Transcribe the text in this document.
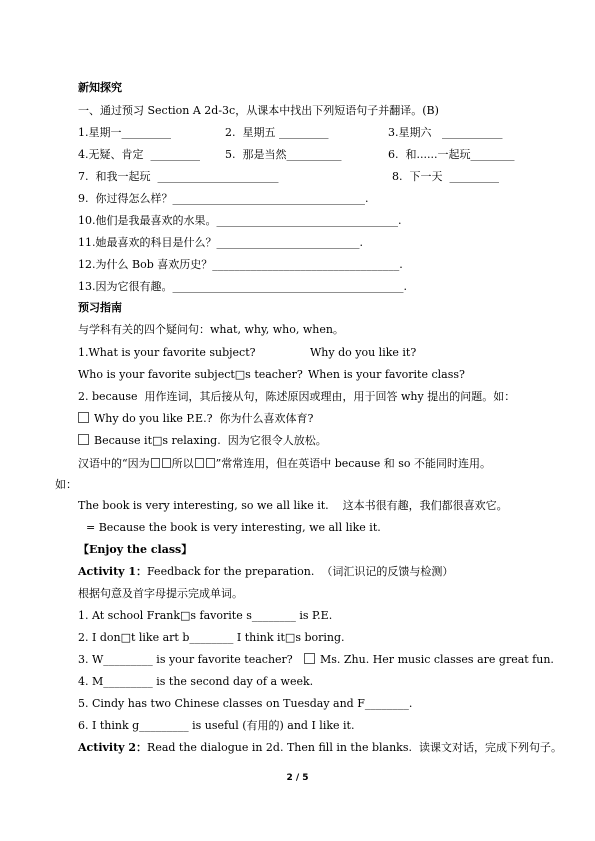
新知探究
一、通过预习 Section A 2d-3c，从课本中找出下列短语句子并翻译。(B)
1.星期一_________	2.  星期五 _________	3.星期六   ___________
4.无疑、肯定  _________ 5.  那是当然__________	6.  和......一起玩________
7.  和我一起玩  ______________________	8.  下一天  _________
9.  你过得怎么样？___________________________________.
10.他们是我最喜欢的水果。_________________________________.
11.她最喜欢的科目是什么？__________________________.
12.为什么 Bob 喜欢历史？__________________________________.
13.因为它很有趣。__________________________________________.
预习指南
与学科有关的四个疑问句：what, why, who, when。
1.What is your favorite subject?	Why do you like it?
Who is your favorite subject□s teacher? When is your favorite class?
2. because  用作连词，其后接从句，陈述原因或理由，用于回答 why 提出的问题。如：
Why do you like P.E.?  你为什么喜欢体育?
Because it□s relaxing.  因为它很令人放松。
汉语中的“因为 所以 ”常常连用，但在英语中 because 和 so 不能同时连用。
如：
The book is very interesting, so we all like it.    这本书很有趣，我们都很喜欢它。
= Because the book is very interesting, we all like it.
【Enjoy the class】
Activity 1：Feedback for the preparation.  （词汇识记的反馈与检测）
根据句意及首字母提示完成单词。
1. At school Frank□s favorite s________ is P.E.
2. I don□t like art b________ I think it□s boring.
3. W_________ is your favorite teacher?	Ms. Zhu. Her music classes are great fun.
4. M_________ is the second day of a week.
5. Cindy has two Chinese classes on Tuesday and F________.
6. I think g_________ is useful (有用的) and I like it.
Activity 2：Read the dialogue in 2d. Then fill in the blanks.  读课文对话，完成下列句子。
2 / 5
